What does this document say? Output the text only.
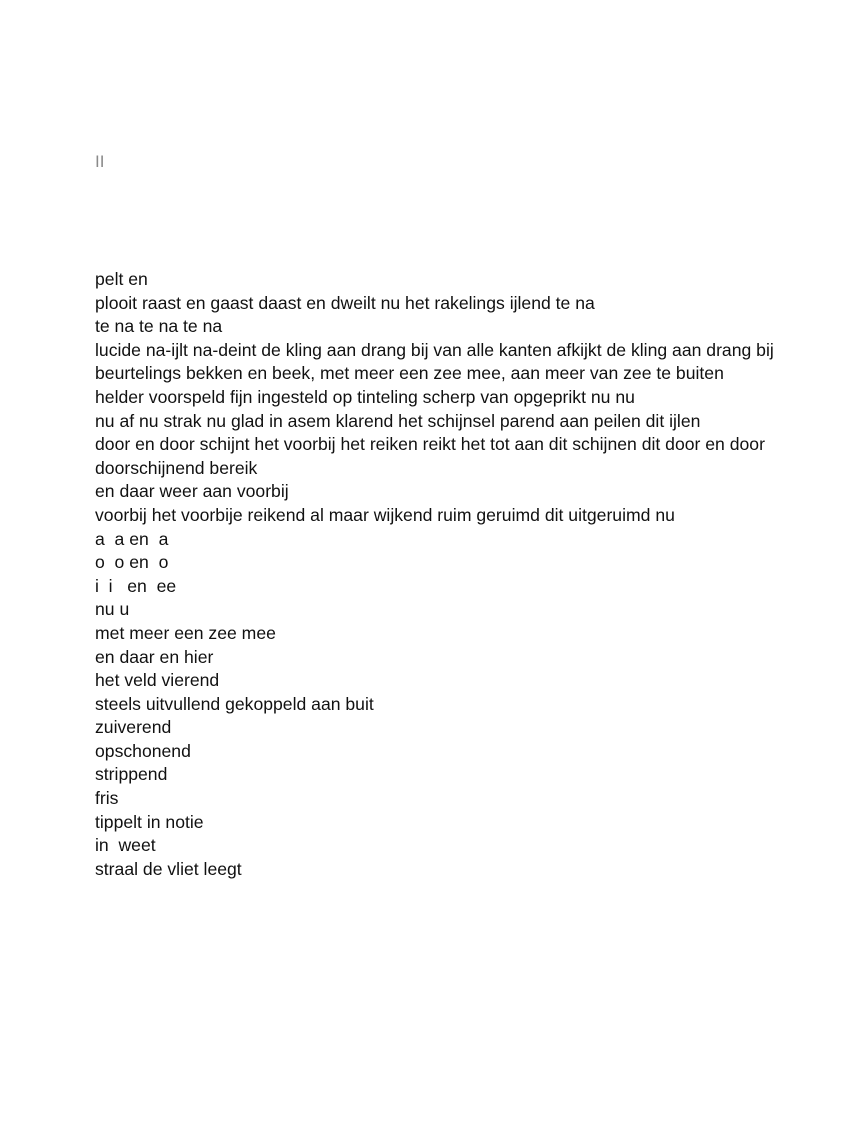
II

pelt en
plooit raast en gaast daast en dweilt nu het rakelings ijlend te na
te na te na te na
lucide na-ijlt na-deint de kling aan drang bij van alle kanten afkijkt de kling aan drang bij
beurtelings bekken en beek, met meer een zee mee, aan meer van zee te buiten
helder voorspeld fijn ingesteld op tinteling scherp van opgeprikt nu nu
nu af nu strak nu glad in asem klarend het schijnsel parend aan peilen dit ijlen
door en door schijnt het voorbij het reiken reikt het tot aan dit schijnen dit door en door doorschijnend bereik
en daar weer aan voorbij
voorbij het voorbije reikend al maar wijkend ruim geruimd dit uitgeruimd nu
a  a en  a
o  o en  o
i  i   en  ee
nu u
met meer een zee mee
en daar en hier
het veld vierend
steels uitvullend gekoppeld aan buit
zuiverend
opschonend
strippend
fris
tippelt in notie
in  weet
straal de vliet leegt
